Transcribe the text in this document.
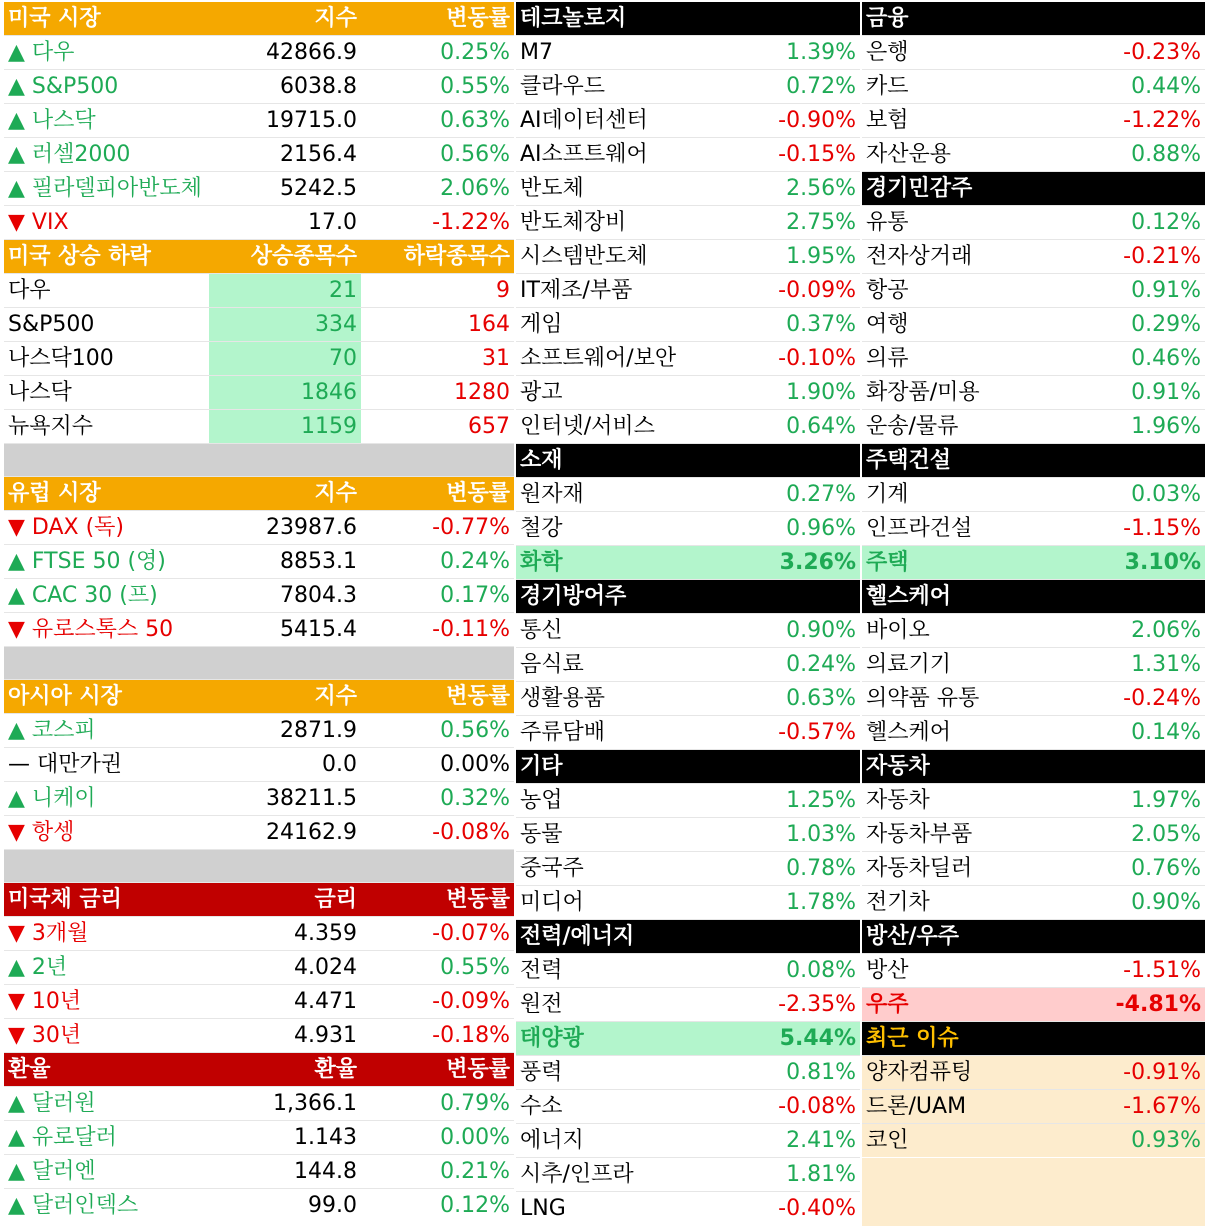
미국 시장	지수	변동률
▲ 다우	42866.9	0.25%
▲ S&P500	6038.8	0.55%
▲ 나스닥	19715.0	0.63%
▲ 러셀2000	2156.4	0.56%
▲ 필라델피아반도체	5242.5	2.06%
▼ VIX	17.0	-1.22%
미국 상승 하락	상승종목수	하락종목수
다우	21	9
S&P500	334	164
나스닥100	70	31
나스닥	1846	1280
뉴욕지수	1159	657

유럽 시장	지수	변동률
▼ DAX (독)	23987.6	-0.77%
▲ FTSE 50 (영)	8853.1	0.24%
▲ CAC 30 (프)	7804.3	0.17%
▼ 유로스톡스 50	5415.4	-0.11%

아시아 시장	지수	변동률
▲ 코스피	2871.9	0.56%
— 대만가권	0.0	0.00%
▲ 니케이	38211.5	0.32%
▼ 항셍	24162.9	-0.08%

미국채 금리	금리	변동률
▼ 3개월	4.359	-0.07%
▲ 2년	4.024	0.55%
▼ 10년	4.471	-0.09%
▼ 30년	4.931	-0.18%
환율	환율	변동률
▲ 달러원	1,366.1	0.79%
▲ 유로달러	1.143	0.00%
▲ 달러엔	144.8	0.21%
▲ 달러인덱스	99.0	0.12%
테크놀로지	
M7	1.39%
클라우드	0.72%
AI데이터센터	-0.90%
AI소프트웨어	-0.15%
반도체	2.56%
반도체장비	2.75%
시스템반도체	1.95%
IT제조/부품	-0.09%
게임	0.37%
소프트웨어/보안	-0.10%
광고	1.90%
인터넷/서비스	0.64%
소재	
원자재	0.27%
철강	0.96%
화학	3.26%
경기방어주	
통신	0.90%
음식료	0.24%
생활용품	0.63%
주류담배	-0.57%
기타	
농업	1.25%
동물	1.03%
중국주	0.78%
미디어	1.78%
전력/에너지	
전력	0.08%
원전	-2.35%
태양광	5.44%
풍력	0.81%
수소	-0.08%
에너지	2.41%
시추/인프라	1.81%
LNG	-0.40%
금융	
은행	-0.23%
카드	0.44%
보험	-1.22%
자산운용	0.88%
경기민감주	
유통	0.12%
전자상거래	-0.21%
항공	0.91%
여행	0.29%
의류	0.46%
화장품/미용	0.91%
운송/물류	1.96%
주택건설	
기계	0.03%
인프라건설	-1.15%
주택	3.10%
헬스케어	
바이오	2.06%
의료기기	1.31%
의약품 유통	-0.24%
헬스케어	0.14%
자동차	
자동차	1.97%
자동차부품	2.05%
자동차딜러	0.76%
전기차	0.90%
방산/우주	
방산	-1.51%
우주	-4.81%
최근 이슈	
양자컴퓨팅	-0.91%
드론/UAM	-1.67%
코인	0.93%
